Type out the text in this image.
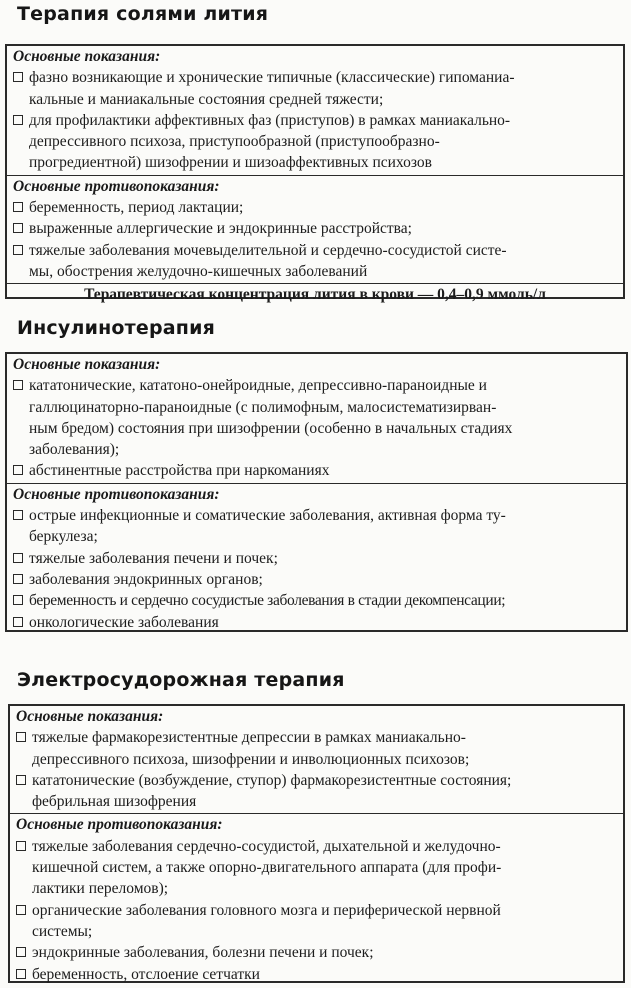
Терапия солями лития
Основные показания:
фазно возникающие и хронические типичные (классические) гипоманиа-
кальные и маниакальные состояния средней тяжести;
для профилактики аффективных фаз (приступов) в рамках маниакально-
депрессивного психоза, приступообразной (приступообразно-
прогредиентной) шизофрении и шизоаффективных психозов
Основные противопоказания:
беременность, период лактации;
выраженные аллергические и эндокринные расстройства;
тяжелые заболевания мочевыделительной и сердечно-сосудистой систе-
мы, обострения желудочно-кишечных заболеваний
Терапевтическая концентрация лития в крови — 0,4–0,9 ммоль/л
Инсулинотерапия
Основные показания:
кататонические, кататоно-онейроидные, депрессивно-параноидные и
галлюцинаторно-параноидные (с полимофным, малосистематизирван-
ным бредом) состояния при шизофрении (особенно в начальных стадиях
заболевания);
абстинентные расстройства при наркоманиях
Основные противопоказания:
острые инфекционные и соматические заболевания, активная форма ту-
беркулеза;
тяжелые заболевания печени и почек;
заболевания эндокринных органов;
беременность и сердечно сосудистые заболевания в стадии декомпенсации;
онкологические заболевания
Электросудорожная терапия
Основные показания:
тяжелые фармакорезистентные депрессии в рамках маниакально-
депрессивного психоза, шизофрении и инволюционных психозов;
кататонические (возбуждение, ступор) фармакорезистентные состояния;
фебрильная шизофрения
Основные противопоказания:
тяжелые заболевания сердечно-сосудистой, дыхательной и желудочно-
кишечной систем, а также опорно-двигательного аппарата (для профи-
лактики переломов);
органические заболевания головного мозга и периферической нервной
системы;
эндокринные заболевания, болезни печени и почек;
беременность, отслоение сетчатки
